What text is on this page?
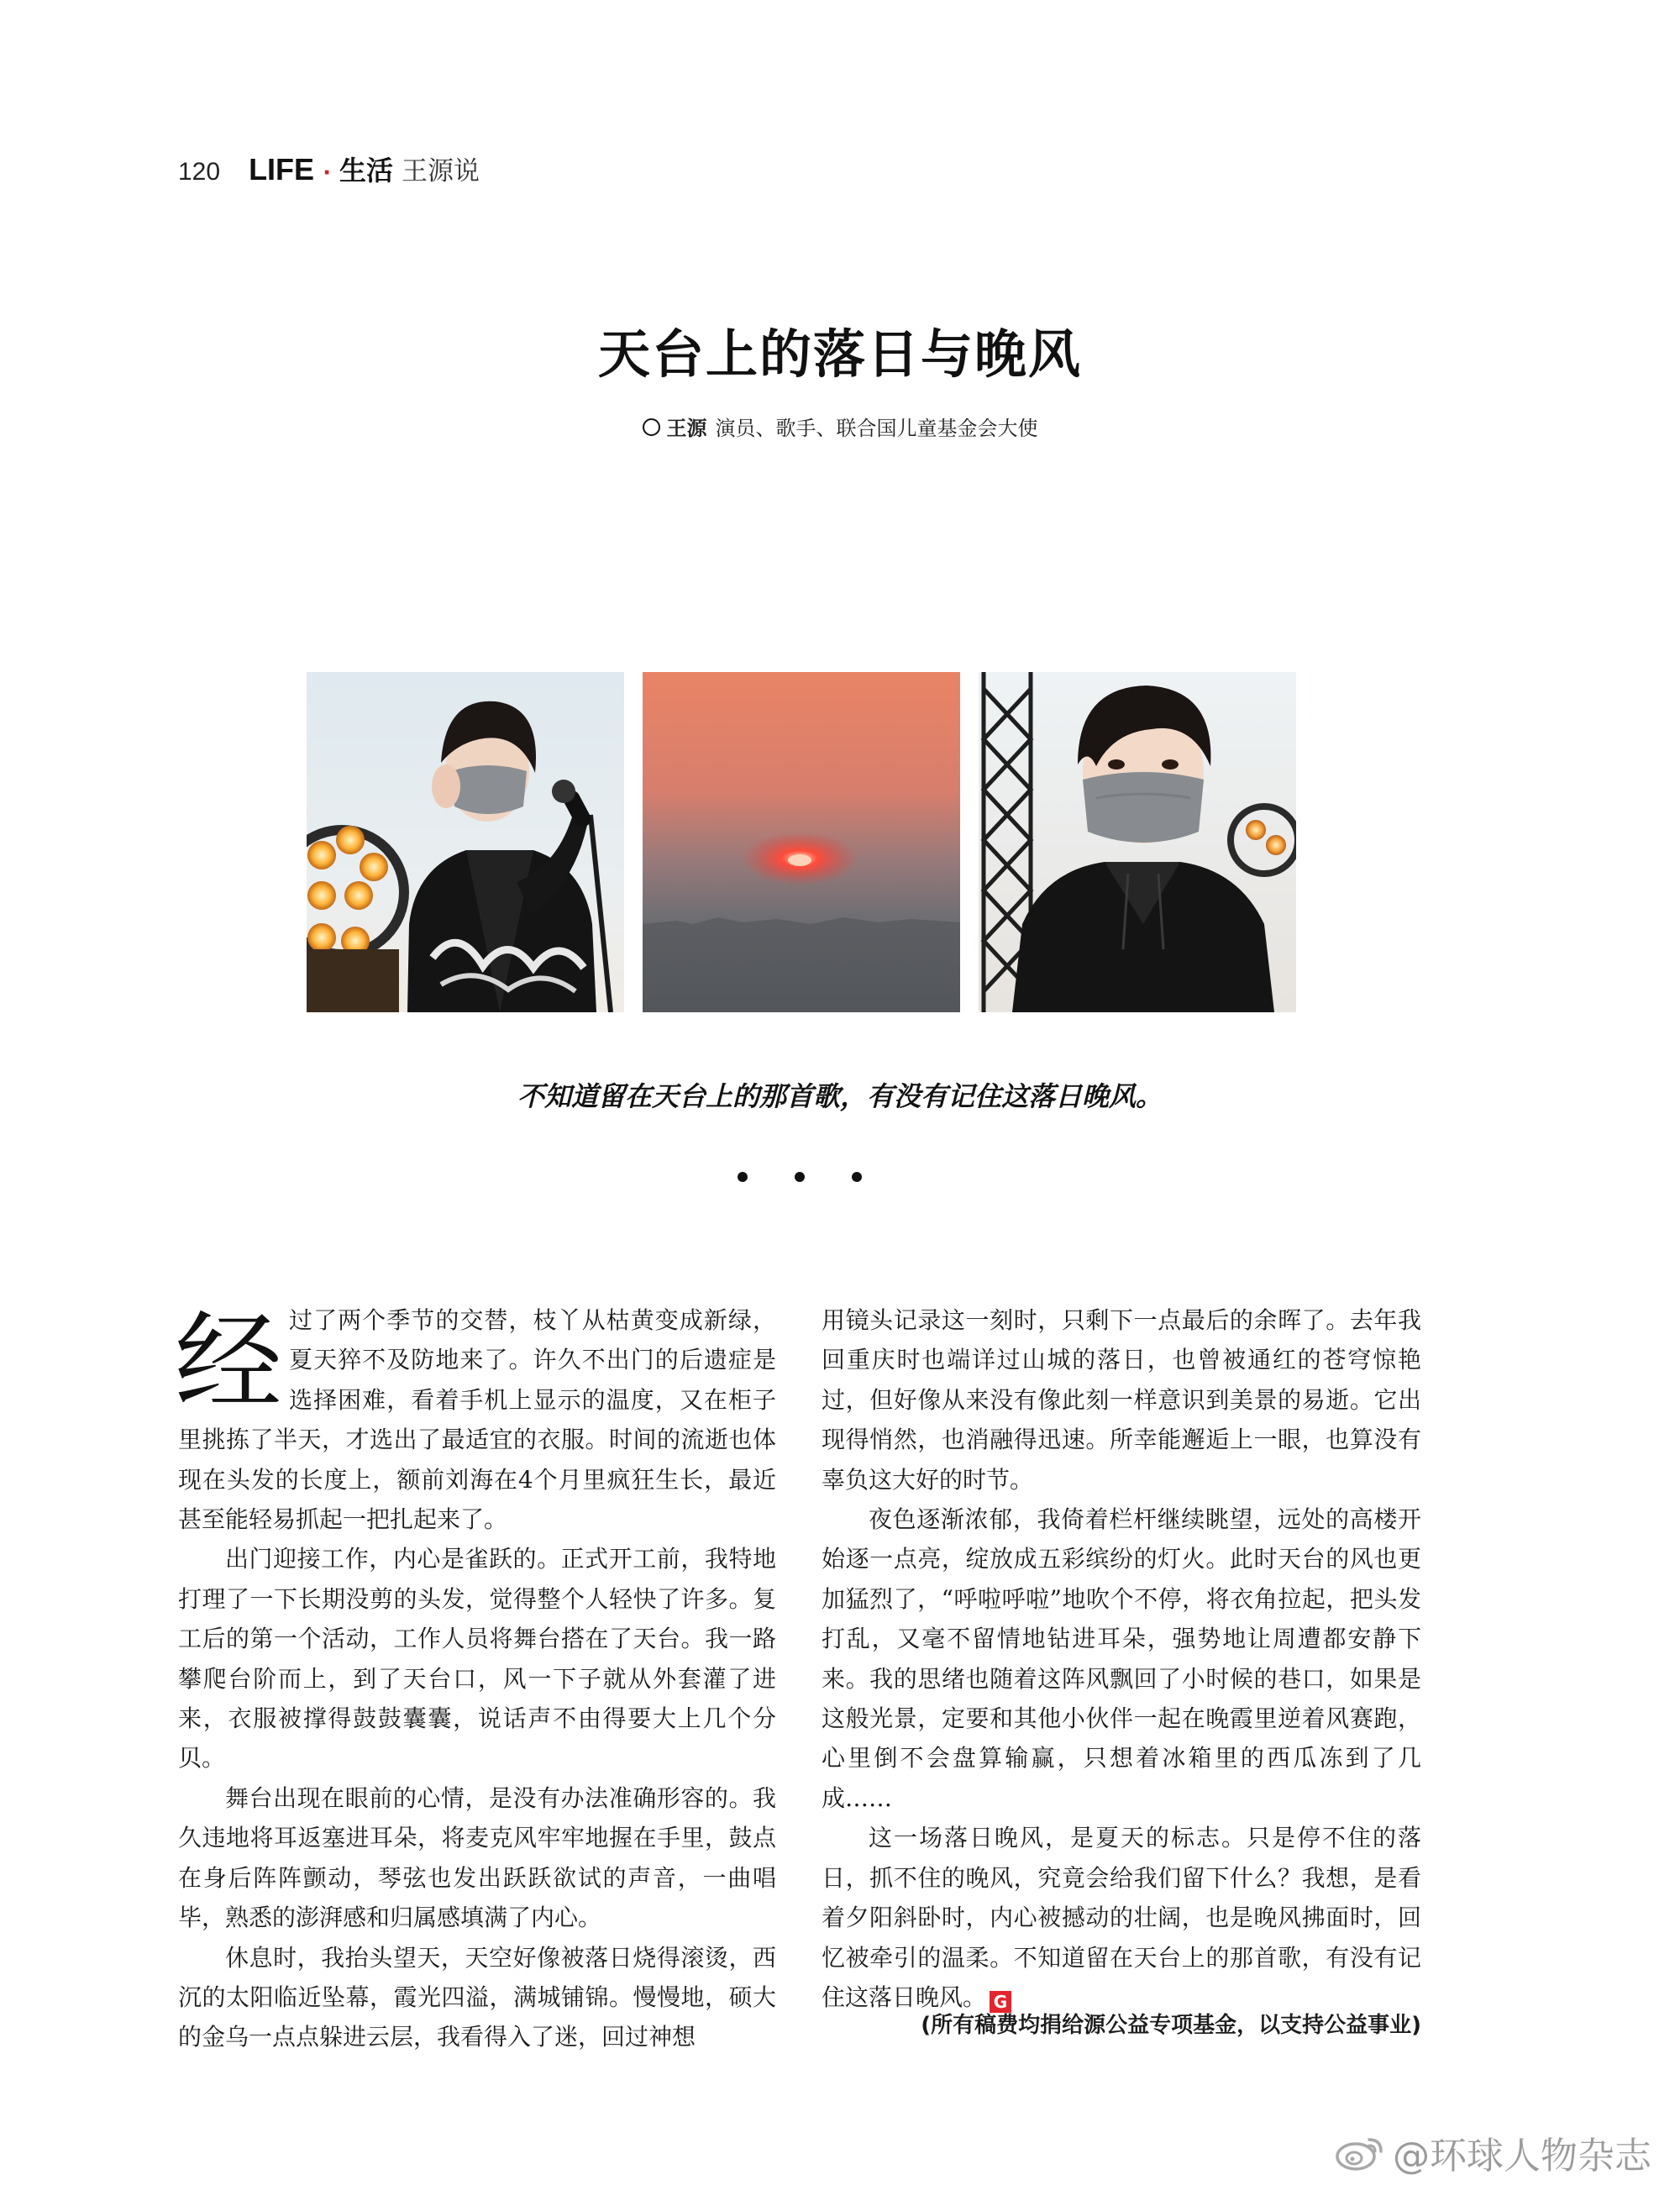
120 LIFE · 生活 王源说
天台上的落日与晚风
王源 演员、歌手、联合国儿童基金会大使
不知道留在天台上的那首歌，有没有记住这落日晚风。

经过了两个季节的交替，枝丫从枯黄变成新绿，夏天猝不及防地来了。许久不出门的后遗症是选择困难，看着手机上显示的温度，又在柜子里挑拣了半天，才选出了最适宜的衣服。时间的流逝也体现在头发的长度上，额前刘海在4个月里疯狂生长，最近甚至能轻易抓起一把扎起来了。

出门迎接工作，内心是雀跃的。正式开工前，我特地打理了一下长期没剪的头发，觉得整个人轻快了许多。复工后的第一个活动，工作人员将舞台搭在了天台。我一路攀爬台阶而上，到了天台口，风一下子就从外套灌了进来，衣服被撑得鼓鼓囊囊，说话声不由得要大上几个分贝。

舞台出现在眼前的心情，是没有办法准确形容的。我久违地将耳返塞进耳朵，将麦克风牢牢地握在手里，鼓点在身后阵阵颤动，琴弦也发出跃跃欲试的声音，一曲唱毕，熟悉的澎湃感和归属感填满了内心。

休息时，我抬头望天，天空好像被落日烧得滚烫，西沉的太阳临近坠幕，霞光四溢，满城铺锦。慢慢地，硕大的金乌一点点躲进云层，我看得入了迷，回过神想

用镜头记录这一刻时，只剩下一点最后的余晖了。去年我回重庆时也端详过山城的落日，也曾被通红的苍穹惊艳过，但好像从来没有像此刻一样意识到美景的易逝。它出现得悄然，也消融得迅速。所幸能邂逅上一眼，也算没有辜负这大好的时节。

夜色逐渐浓郁，我倚着栏杆继续眺望，远处的高楼开始逐一点亮，绽放成五彩缤纷的灯火。此时天台的风也更加猛烈了，“呼啦呼啦”地吹个不停，将衣角拉起，把头发打乱，又毫不留情地钻进耳朵，强势地让周遭都安静下来。我的思绪也随着这阵风飘回了小时候的巷口，如果是这般光景，定要和其他小伙伴一起在晚霞里逆着风赛跑，心里倒不会盘算输赢，只想着冰箱里的西瓜冻到了几成……

这一场落日晚风，是夏天的标志。只是停不住的落日，抓不住的晚风，究竟会给我们留下什么？我想，是看着夕阳斜卧时，内心被撼动的壮阔，也是晚风拂面时，回忆被牵引的温柔。不知道留在天台上的那首歌，有没有记住这落日晚风。 G

(所有稿费均捐给源公益专项基金，以支持公益事业)
@环球人物杂志
